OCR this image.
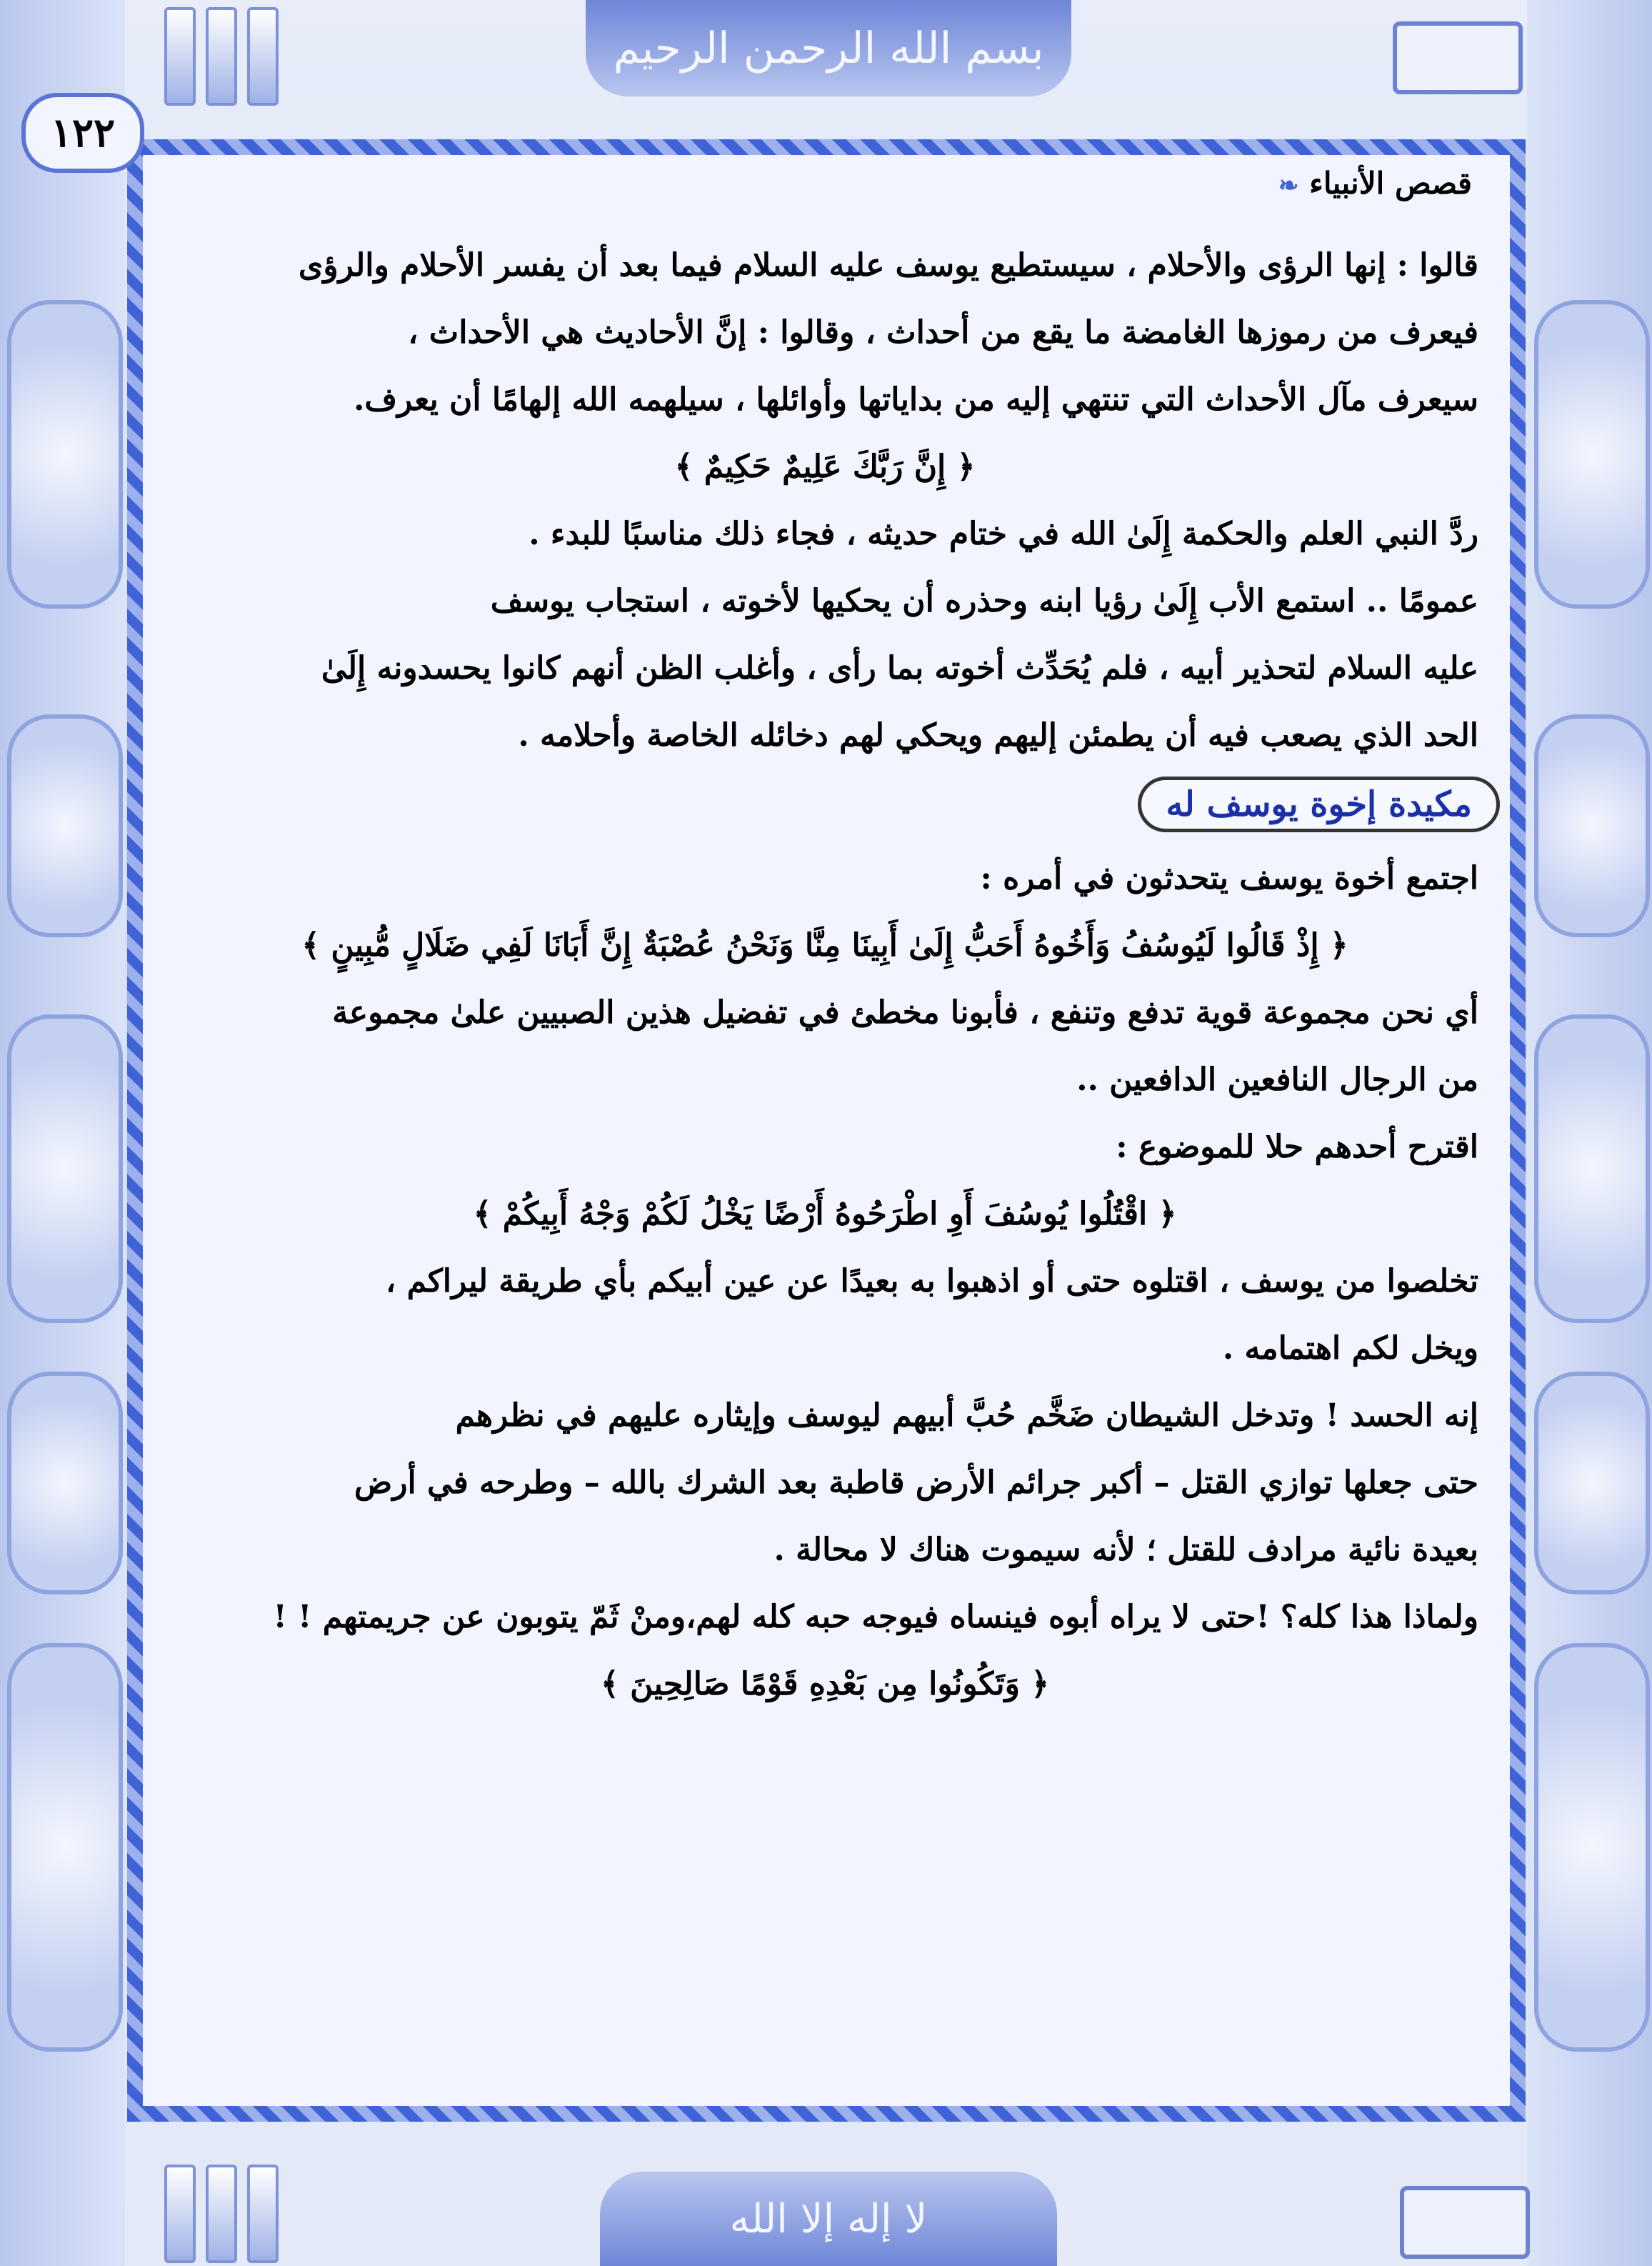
بسم الله الرحمن الرحيم
لا إله إلا الله
١٢٢
قصص الأنبياء ❧

قالوا : إنها الرؤى والأحلام ، سيستطيع يوسف عليه السلام فيما بعد أن يفسر الأحلام والرؤى

فيعرف من رموزها الغامضة ما يقع من أحداث ، وقالوا : إنَّ الأحاديث هي الأحداث ،

سيعرف مآل الأحداث التي تنتهي إليه من بداياتها وأوائلها ، سيلهمه الله إلهامًا أن يعرف.

﴿ إِنَّ رَبَّكَ عَلِيمٌ حَكِيمٌ ﴾

ردَّ النبي العلم والحكمة إِلَىٰ الله في ختام حديثه ، فجاء ذلك مناسبًا للبدء .

عمومًا .. استمع الأب إِلَىٰ رؤيا ابنه وحذره أن يحكيها لأخوته ، استجاب يوسف

عليه السلام لتحذير أبيه ، فلم يُحَدِّث أخوته بما رأى ، وأغلب الظن أنهم كانوا يحسدونه إِلَىٰ

الحد الذي يصعب فيه أن يطمئن إليهم ويحكي لهم دخائله الخاصة وأحلامه .

مكيدة إخوة يوسف له

اجتمع أخوة يوسف يتحدثون في أمره :

﴿ إِذْ قَالُوا لَيُوسُفُ وَأَخُوهُ أَحَبُّ إِلَىٰ أَبِينَا مِنَّا وَنَحْنُ عُصْبَةٌ إِنَّ أَبَانَا لَفِي ضَلَالٍ مُّبِينٍ ﴾

أي نحن مجموعة قوية تدفع وتنفع ، فأبونا مخطئ في تفضيل هذين الصبيين علىٰ مجموعة

من الرجال النافعين الدافعين ..

اقترح أحدهم حلا للموضوع :

﴿ اقْتُلُوا يُوسُفَ أَوِ اطْرَحُوهُ أَرْضًا يَخْلُ لَكُمْ وَجْهُ أَبِيكُمْ ﴾

تخلصوا من يوسف ، اقتلوه حتى أو اذهبوا به بعيدًا عن عين أبيكم بأي طريقة ليراكم ،

ويخل لكم اهتمامه .

إنه الحسد ! وتدخل الشيطان ضَخَّم حُبَّ أبيهم ليوسف وإيثاره عليهم في نظرهم

حتى جعلها توازي القتل – أكبر جرائم الأرض قاطبة بعد الشرك بالله – وطرحه في أرض

بعيدة نائية مرادف للقتل ؛ لأنه سيموت هناك لا محالة .

ولماذا هذا كله؟ !حتى لا يراه أبوه فينساه فيوجه حبه كله لهم،ومنْ ثَمّ يتوبون عن جريمتهم ! !

﴿ وَتَكُونُوا مِن بَعْدِهِ قَوْمًا صَالِحِينَ ﴾
